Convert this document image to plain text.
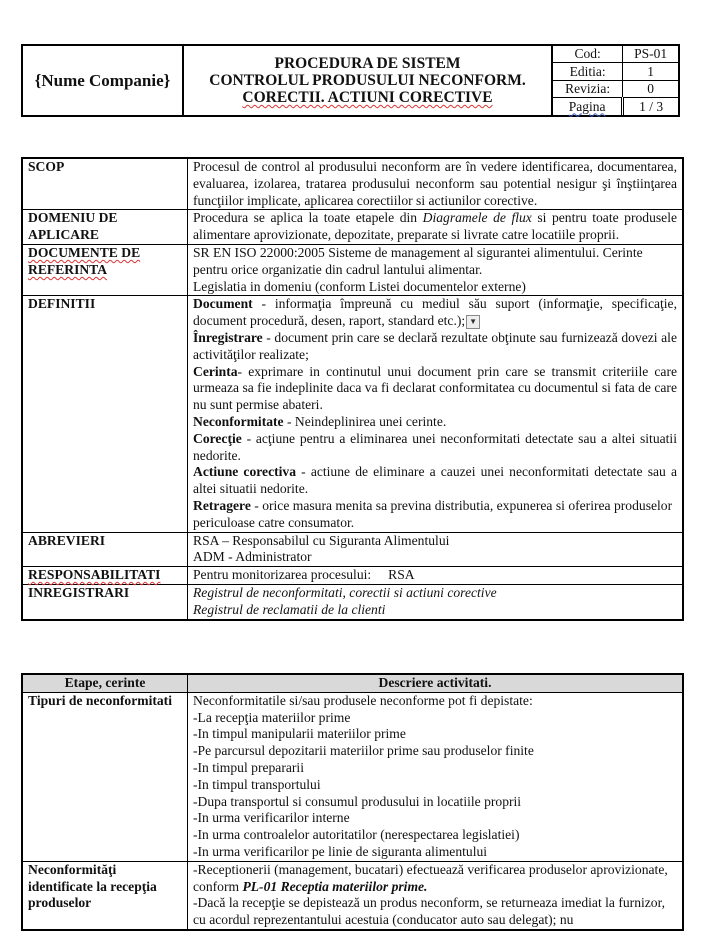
{Nume Companie}
PROCEDURA DE SISTEM
CONTROLUL PRODUSULUI NECONFORM.
CORECTII. ACTIUNI CORECTIVE
Cod:	PS-01
Editia:	1
Revizia:	0
Pagina	1 / 3
SCOP	Procesul de control al produsului neconform are în vedere identificarea, documentarea, evaluarea, izolarea, tratarea produsului neconform sau potential nesigur şi înştiinţarea funcţiilor implicate, aplicarea corectiilor si actiunilor corective.
DOMENIU DE APLICARE	Procedura se aplica la toate etapele din Diagramele de flux si pentru toate produsele alimentare aprovizionate, depozitate, preparate si livrate catre locatiile proprii.
DOCUMENTE DE REFERINTA	SR EN ISO 22000:2005 Sisteme de management al sigurantei alimentului. Cerinte pentru orice organizatie din cadrul lantului alimentar.
Legislatia in domeniu (conform Listei documentelor externe)

DEFINITII	Document - informaţia împreună cu mediul său suport (informaţie, specificaţie, document procedură, desen, raport, standard etc.); ▼
Înregistrare - document prin care se declară rezultate obţinute sau furnizează dovezi ale activităţilor realizate;
Cerinta- exprimare in continutul unui document prin care se transmit criteriile care urmeaza sa fie indeplinite daca va fi declarat conformitatea cu documentul si fata de care nu sunt permise abateri.
Neconformitate - Neindeplinirea unei cerinte.
Corecţie - acţiune pentru a eliminarea unei neconformitati detectate sau a altei situatii nedorite.
Actiune corectiva - actiune de eliminare a cauzei unei neconformitati detectate sau a altei situatii nedorite.
Retragere - orice masura menita sa previna distributia, expunerea si oferirea produselor periculoase catre consumator.

ABREVIERI	RSA – Responsabilul cu Siguranta Alimentului
ADM - Administrator

RESPONSABILITATI	Pentru monitorizarea procesului:     RSA
INREGISTRARI	Registrul de neconformitati, corectii si actiuni corective
Registrul de reclamatii de la clienti
Etape, cerinte	Descriere activitati.
Tipuri de neconformitati	Neconformitatile si/sau produsele neconforme pot fi depistate:
-La recepţia materiilor prime
-In timpul manipularii materiilor prime
-Pe parcursul depozitarii materiilor prime sau produselor finite
-In timpul prepararii
-In timpul transportului
-Dupa transportul si consumul produsului in locatiile proprii
-In urma verificarilor interne
-In urma controalelor autoritatilor (nerespectarea legislatiei)
-In urma verificarilor pe linie de siguranta alimentului

Neconformităţi identificate la recepţia produselor	-Receptionerii (management, bucatari) efectuează verificarea produselor aprovizionate, conform PL-01 Receptia materiilor prime.
-Dacă la recepţie se depistează un produs neconform, se returneaza imediat la furnizor, cu acordul reprezentantului acestuia (conducator auto sau delegat); nu
